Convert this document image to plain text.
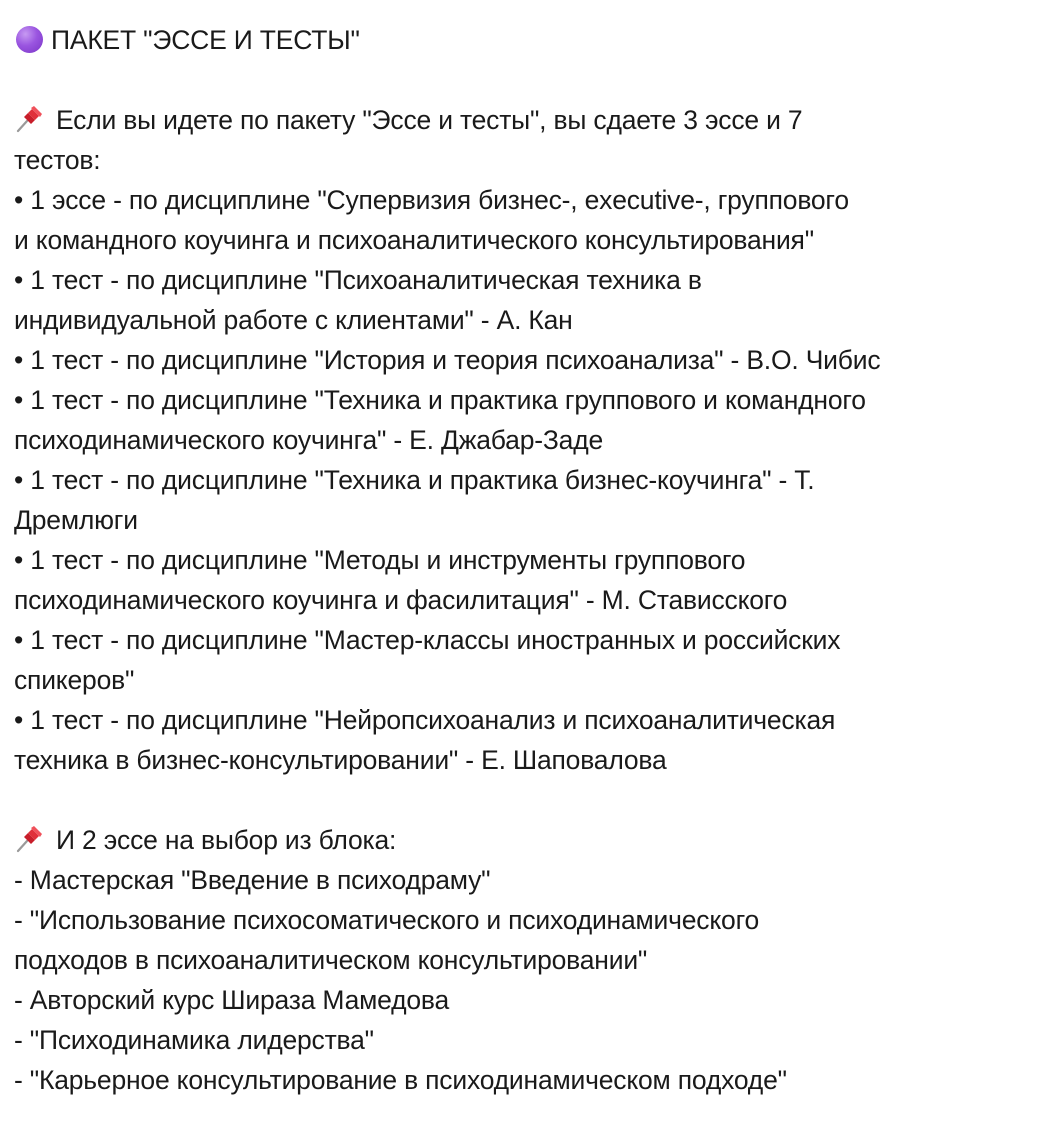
ПАКЕТ "ЭССЕ И ТЕСТЫ"
Если вы идете по пакету "Эссе и тесты", вы сдаете 3 эссе и 7
тестов:
• 1 эссе - по дисциплине "Супервизия бизнес-, executive-, группового
и командного коучинга и психоаналитического консультирования"
• 1 тест - по дисциплине "Психоаналитическая техника в
индивидуальной работе с клиентами" - А. Кан
• 1 тест - по дисциплине "История и теория психоанализа" - В.О. Чибис
• 1 тест - по дисциплине "Техника и практика группового и командного
психодинамического коучинга" - Е. Джабар-Заде
• 1 тест - по дисциплине "Техника и практика бизнес-коучинга" - Т.
Дремлюги
• 1 тест - по дисциплине "Методы и инструменты группового
психодинамического коучинга и фасилитация" - М. Стависского
• 1 тест - по дисциплине "Мастер-классы иностранных и российских
спикеров"
• 1 тест - по дисциплине "Нейропсихоанализ и психоаналитическая
техника в бизнес-консультировании" - Е. Шаповалова
И 2 эссе на выбор из блока:
- Мастерская "Введение в психодраму"
- "Использование психосоматического и психодинамического
подходов в психоаналитическом консультировании"
- Авторский курс Шираза Мамедова
- "Психодинамика лидерства"
- "Карьерное консультирование в психодинамическом подходе"
